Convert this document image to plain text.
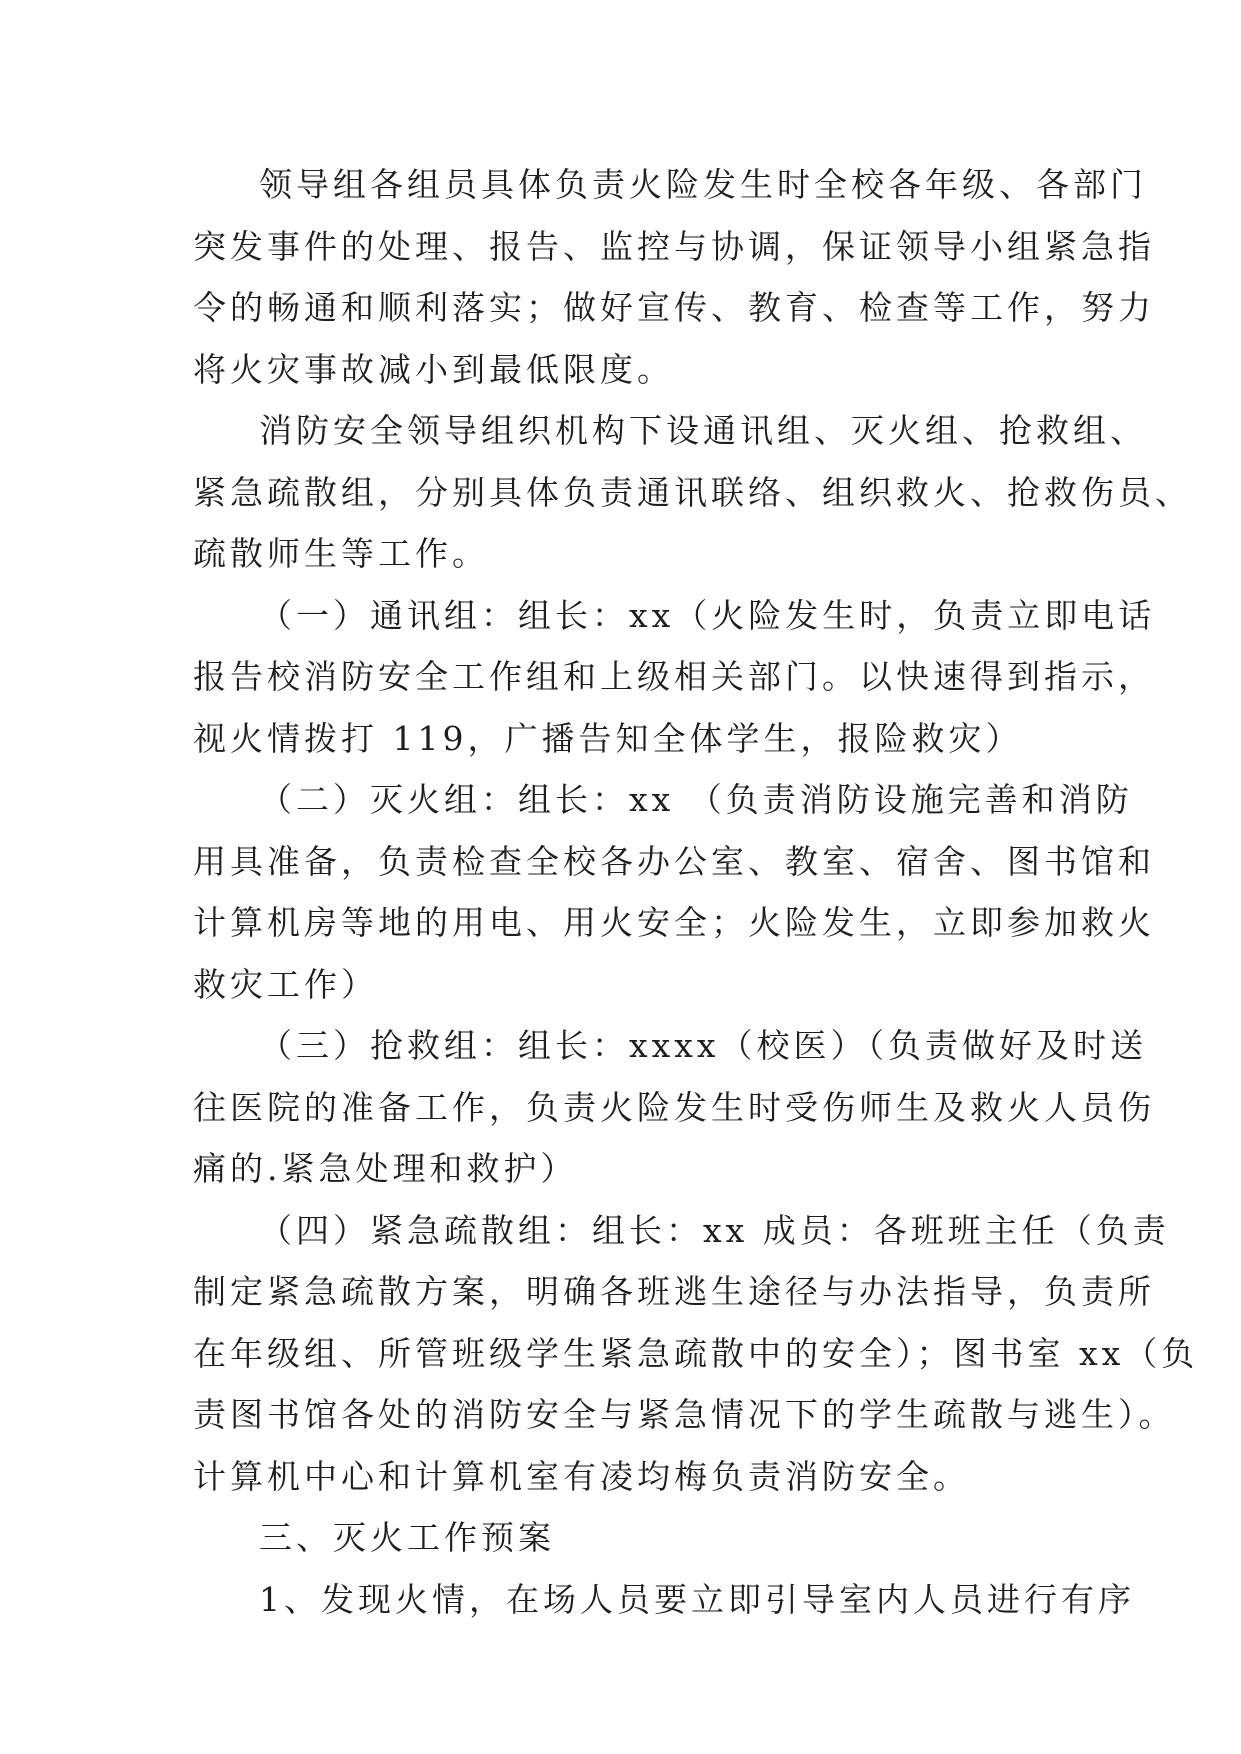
领导组各组员具体负责火险发生时全校各年级、各部门
突发事件的处理、报告、监控与协调，保证领导小组紧急指
令的畅通和顺利落实；做好宣传、教育、检查等工作，努力
将火灾事故减小到最低限度。
消防安全领导组织机构下设通讯组、灭火组、抢救组、
紧急疏散组，分别具体负责通讯联络、组织救火、抢救伤员、
疏散师生等工作。
（一）通讯组：组长：xx（火险发生时，负责立即电话
报告校消防安全工作组和上级相关部门。以快速得到指示，
视火情拨打 119，广播告知全体学生，报险救灾）
（二）灭火组：组长：xx （负责消防设施完善和消防
用具准备，负责检查全校各办公室、教室、宿舍、图书馆和
计算机房等地的用电、用火安全；火险发生，立即参加救火
救灾工作）
（三）抢救组：组长：xxxx（校医）（负责做好及时送
往医院的准备工作，负责火险发生时受伤师生及救火人员伤
痛的.紧急处理和救护）
（四）紧急疏散组：组长：xx 成员：各班班主任（负责
制定紧急疏散方案，明确各班逃生途径与办法指导，负责所
在年级组、所管班级学生紧急疏散中的安全）；图书室 xx（负
责图书馆各处的消防安全与紧急情况下的学生疏散与逃生）。
计算机中心和计算机室有凌均梅负责消防安全。
三、灭火工作预案
1、发现火情，在场人员要立即引导室内人员进行有序
